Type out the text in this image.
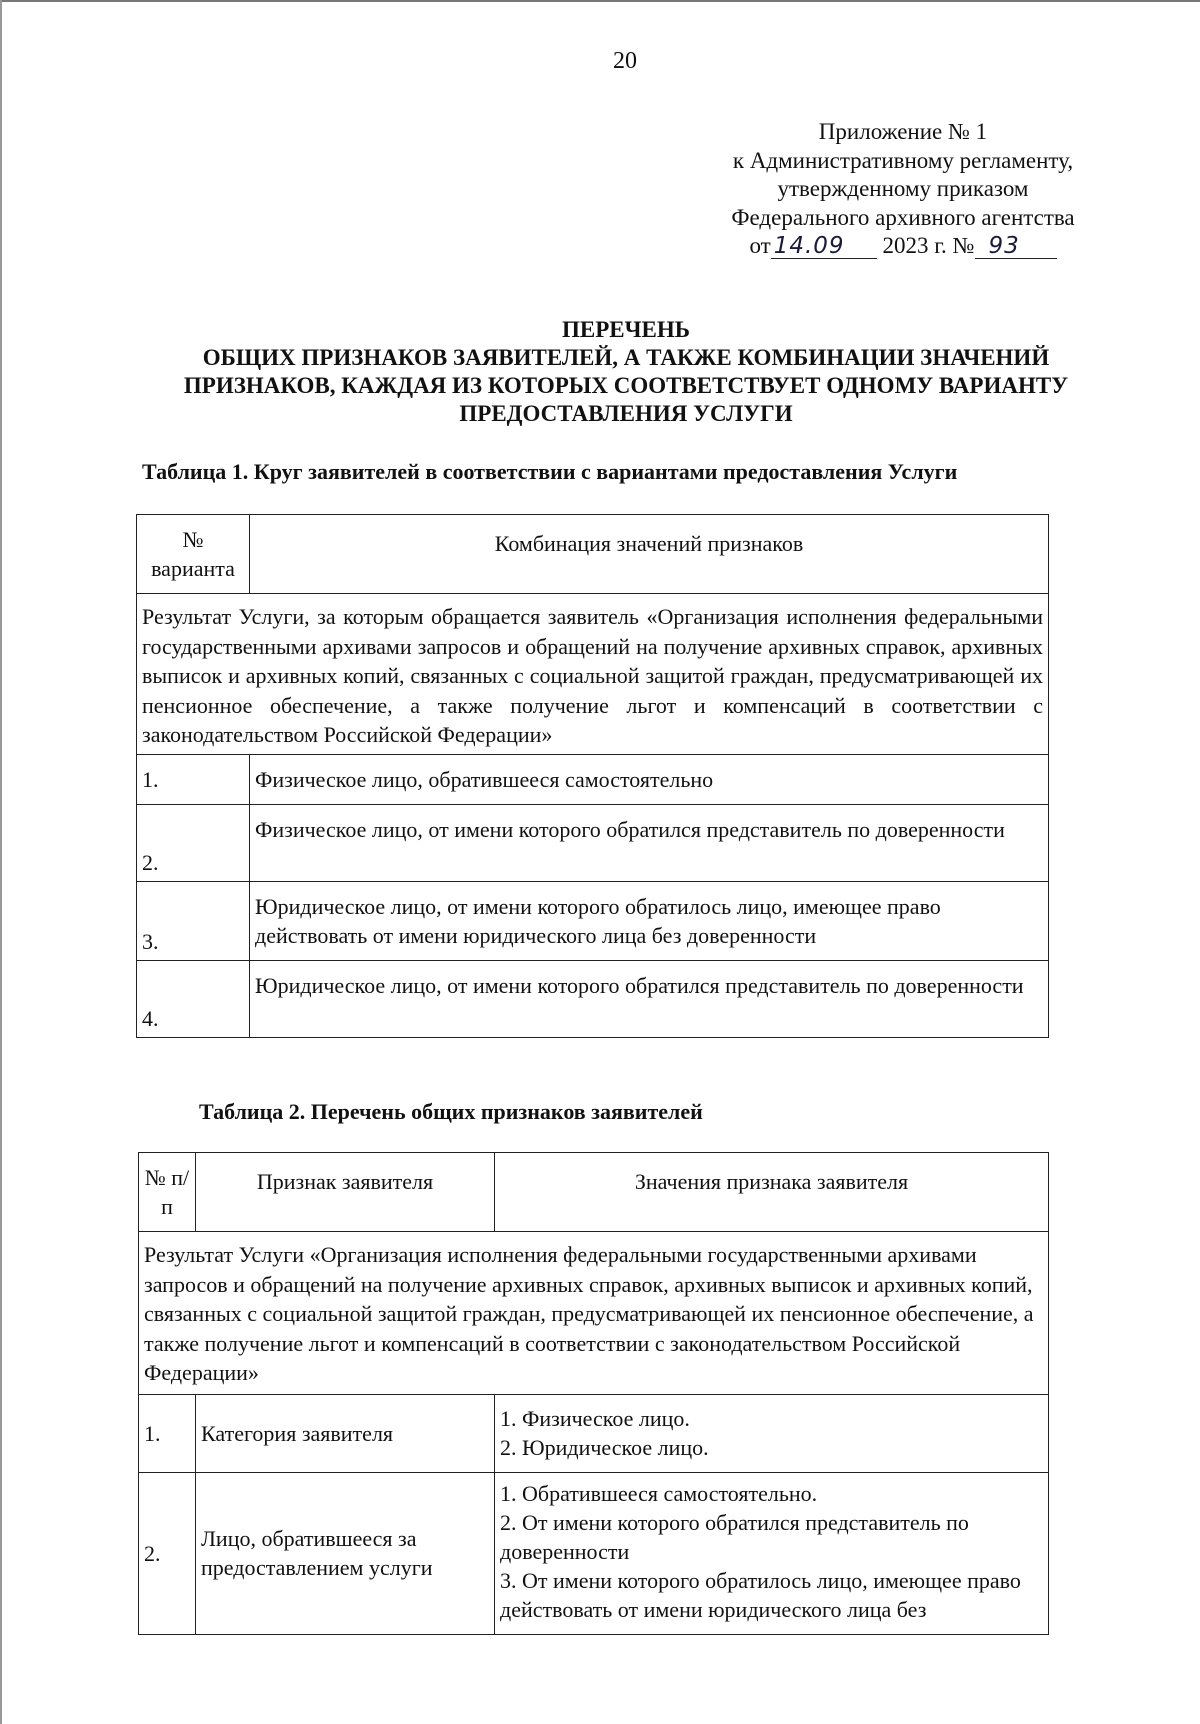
20
Приложение № 1
к Административному регламенту,
утвержденному приказом
Федерального архивного агентства
от 14.09 2023 г. № 93
ПЕРЕЧЕНЬ
ОБЩИХ ПРИЗНАКОВ ЗАЯВИТЕЛЕЙ, А ТАКЖЕ КОМБИНАЦИИ ЗНАЧЕНИЙ
ПРИЗНАКОВ, КАЖДАЯ ИЗ КОТОРЫХ СООТВЕТСТВУЕТ ОДНОМУ ВАРИАНТУ
ПРЕДОСТАВЛЕНИЯ УСЛУГИ
Таблица 1. Круг заявителей в соответствии с вариантами предоставления Услуги
№ варианта	Комбинация значений признаков
Результат Услуги, за которым обращается заявитель «Организация исполнения федеральными государственными архивами запросов и обращений на получение архивных справок, архивных выписок и архивных копий, связанных с социальной защитой граждан, предусматривающей их пенсионное обеспечение, а также получение льгот и компенсаций в соответствии с законодательством Российской Федерации»	
1.	Физическое лицо, обратившееся самостоятельно
2.	Физическое лицо, от имени которого обратился представитель по доверенности
3.	Юридическое лицо, от имени которого обратилось лицо, имеющее право действовать от имени юридического лица без доверенности
4.	Юридическое лицо, от имени которого обратился представитель по доверенности
Таблица 2. Перечень общих признаков заявителей
№ п/п	Признак заявителя	Значения признака заявителя
Результат Услуги «Организация исполнения федеральными государственными архивами запросов и обращений на получение архивных справок, архивных выписок и архивных копий, связанных с социальной защитой граждан, предусматривающей их пенсионное обеспечение, а также получение льгот и компенсаций в соответствии с законодательством Российской Федерации»		
1.	Категория заявителя	1. Физическое лицо.
2. Юридическое лицо.

2.	Лицо, обратившееся за предоставлением услуги	1. Обратившееся самостоятельно.
2. От имени которого обратился представитель по доверенности
3. От имени которого обратилось лицо, имеющее право действовать от имени юридического лица без
